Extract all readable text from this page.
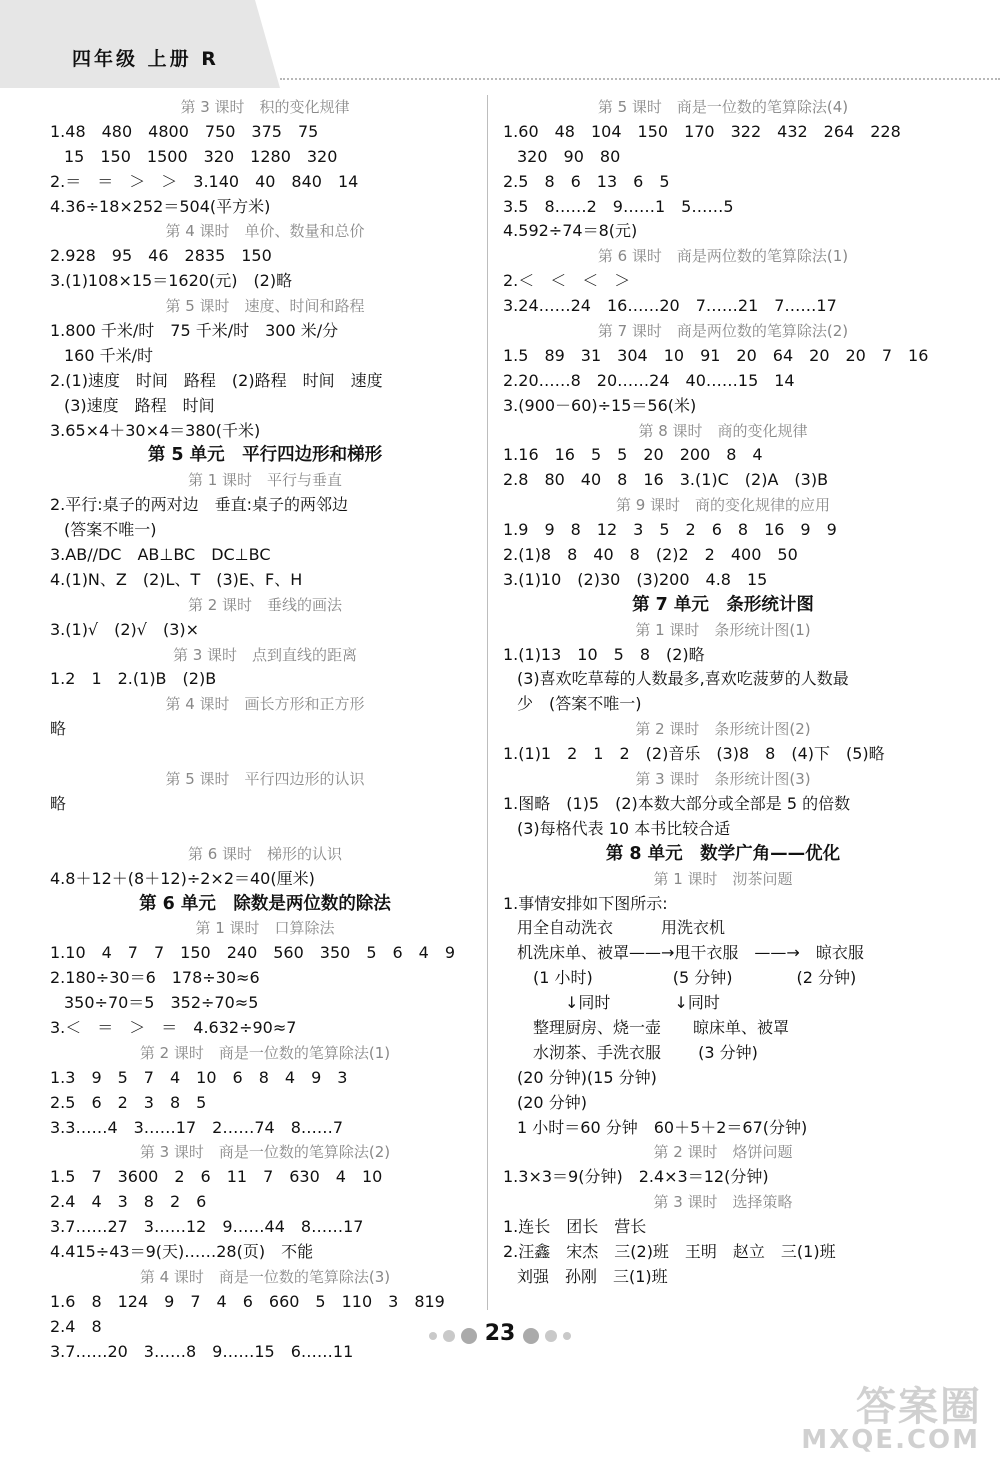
四年级 上册 R
第 3 课时　积的变化规律
1.48　480　4800　750　375　75
15　150　1500　320　1280　320
2.＝　＝　＞　＞　3.140　40　840　14
4.36÷18×252＝504(平方米)
第 4 课时　单价、数量和总价
2.928　95　46　2835　150
3.(1)108×15＝1620(元)　(2)略
第 5 课时　速度、时间和路程
1.800 千米/时　75 千米/时　300 米/分
160 千米/时
2.(1)速度　时间　路程　(2)路程　时间　速度
(3)速度　路程　时间
3.65×4＋30×4＝380(千米)
第 5 单元　平行四边形和梯形
第 1 课时　平行与垂直
2.平行:桌子的两对边　垂直:桌子的两邻边
(答案不唯一)
3.AB//DC　AB⊥BC　DC⊥BC
4.(1)N、Z　(2)L、T　(3)E、F、H
第 2 课时　垂线的画法
3.(1)√　(2)√　(3)×
第 3 课时　点到直线的距离
1.2　1　2.(1)B　(2)B
第 4 课时　画长方形和正方形
略
第 5 课时　平行四边形的认识
略
第 6 课时　梯形的认识
4.8＋12＋(8＋12)÷2×2＝40(厘米)
第 6 单元　除数是两位数的除法
第 1 课时　口算除法
1.10　4　7　7　150　240　560　350　5　6　4　9
2.180÷30＝6　178÷30≈6
350÷70＝5　352÷70≈5
3.＜　＝　＞　＝　4.632÷90≈7
第 2 课时　商是一位数的笔算除法(1)
1.3　9　5　7　4　10　6　8　4　9　3
2.5　6　2　3　8　5
3.3……4　3……17　2……74　8……7
第 3 课时　商是一位数的笔算除法(2)
1.5　7　3600　2　6　11　7　630　4　10
2.4　4　3　8　2　6
3.7……27　3……12　9……44　8……17
4.415÷43＝9(天)……28(页)　不能
第 4 课时　商是一位数的笔算除法(3)
1.6　8　124　9　7　4　6　660　5　110　3　819
2.4　8
3.7……20　3……8　9……15　6……11
第 5 课时　商是一位数的笔算除法(4)
1.60　48　104　150　170　322　432　264　228
320　90　80
2.5　8　6　13　6　5
3.5　8……2　9……1　5……5
4.592÷74＝8(元)
第 6 课时　商是两位数的笔算除法(1)
2.＜　＜　＜　＞
3.24……24　16……20　7……21　7……17
第 7 课时　商是两位数的笔算除法(2)
1.5　89　31　304　10　91　20　64　20　20　7　16
2.20……8　20……24　40……15　14
3.(900－60)÷15＝56(米)
第 8 课时　商的变化规律
1.16　16　5　5　20　200　8　4
2.8　80　40　8　16　3.(1)C　(2)A　(3)B
第 9 课时　商的变化规律的应用
1.9　9　8　12　3　5　2　6　8　16　9　9
2.(1)8　8　40　8　(2)2　2　400　50
3.(1)10　(2)30　(3)200　4.8　15
第 7 单元　条形统计图
第 1 课时　条形统计图(1)
1.(1)13　10　5　8　(2)略
(3)喜欢吃草莓的人数最多,喜欢吃菠萝的人数最
少　(答案不唯一)
第 2 课时　条形统计图(2)
1.(1)1　2　1　2　(2)音乐　(3)8　8　(4)下　(5)略
第 3 课时　条形统计图(3)
1.图略　(1)5　(2)本数大部分或全部是 5 的倍数
(3)每格代表 10 本书比较合适
第 8 单元　数学广角——优化
第 1 课时　沏茶问题
1.事情安排如下图所示:
用全自动洗衣　　　用洗衣机
机洗床单、被罩——→甩干衣服　——→　晾衣服
　(1 小时)　　　　　(5 分钟)　　　　(2 分钟)
　　　↓同时　　　　↓同时
　整理厨房、烧一壶　　晾床单、被罩
　水沏茶、手洗衣服　　 (3 分钟)
(20 分钟)(15 分钟)
(20 分钟)
1 小时＝60 分钟　60＋5＋2＝67(分钟)
第 2 课时　烙饼问题
1.3×3＝9(分钟)　2.4×3＝12(分钟)
第 3 课时　选择策略
1.连长　团长　营长
2.汪鑫　宋杰　三(2)班　王明　赵立　三(1)班
刘强　孙刚　三(1)班
23
答案圈
MXQE.COM
